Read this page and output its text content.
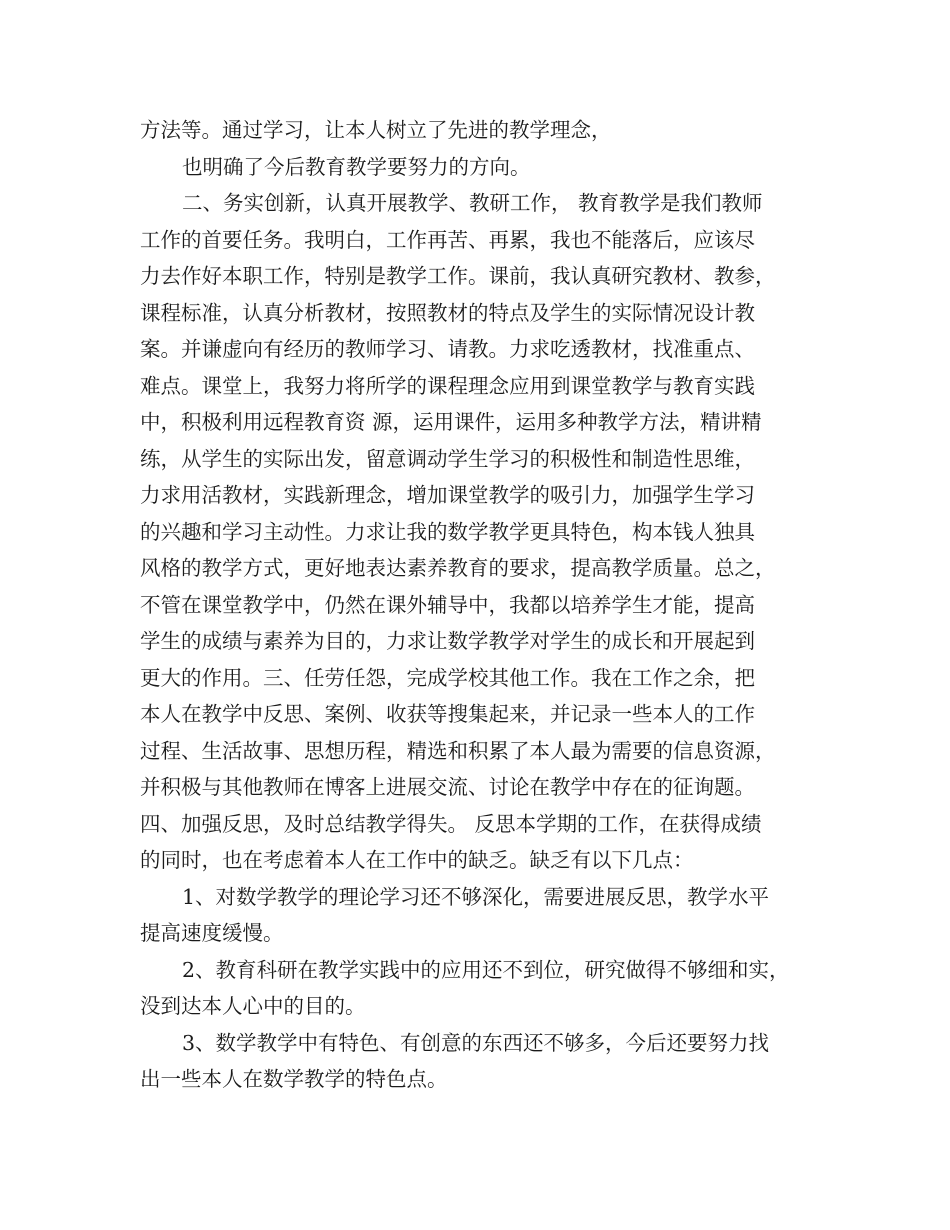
方法等。通过学习，让本人树立了先进的教学理念，
也明确了今后教育教学要努力的方向。
二、务实创新，认真开展教学、教研工作， 教育教学是我们教师
工作的首要任务。我明白，工作再苦、再累，我也不能落后，应该尽
力去作好本职工作，特别是教学工作。课前，我认真研究教材、教参，
课程标准，认真分析教材，按照教材的特点及学生的实际情况设计教
案。并谦虚向有经历的教师学习、请教。力求吃透教材，找准重点、
难点。课堂上，我努力将所学的课程理念应用到课堂教学与教育实践
中，积极利用远程教育资 源，运用课件，运用多种教学方法，精讲精
练，从学生的实际出发，留意调动学生学习的积极性和制造性思维，
力求用活教材，实践新理念，增加课堂教学的吸引力，加强学生学习
的兴趣和学习主动性。力求让我的数学教学更具特色，构本钱人独具
风格的教学方式，更好地表达素养教育的要求，提高教学质量。总之，
不管在课堂教学中，仍然在课外辅导中，我都以培养学生才能，提高
学生的成绩与素养为目的，力求让数学教学对学生的成长和开展起到
更大的作用。三、任劳任怨，完成学校其他工作。我在工作之余，把
本人在教学中反思、案例、收获等搜集起来，并记录一些本人的工作
过程、生活故事、思想历程，精选和积累了本人最为需要的信息资源，
并积极与其他教师在博客上进展交流、讨论在教学中存在的征询题。
四、加强反思，及时总结教学得失。 反思本学期的工作，在获得成绩
的同时，也在考虑着本人在工作中的缺乏。缺乏有以下几点：
1、对数学教学的理论学习还不够深化，需要进展反思，教学水平
提高速度缓慢。
2、教育科研在教学实践中的应用还不到位，研究做得不够细和实，
没到达本人心中的目的。
3、数学教学中有特色、有创意的东西还不够多，今后还要努力找
出一些本人在数学教学的特色点。
